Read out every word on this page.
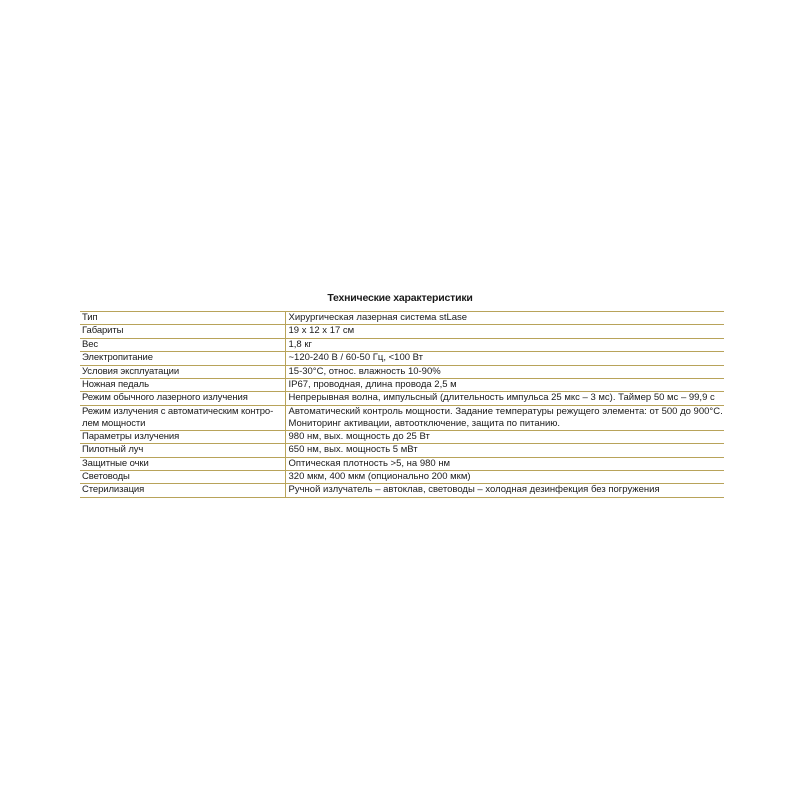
Технические характеристики
Тип	Хирургическая лазерная система stLase
Габариты	19 x 12 x 17 см
Вес	1,8 кг
Электропитание	~120-240 В / 60-50 Гц, <100 Вт
Условия эксплуатации	15-30°С, относ. влажность 10-90%
Ножная педаль	IP67, проводная, длина провода 2,5 м
Режим обычного лазерного излучения	Непрерывная волна, импульсный (длительность импульса 25 мкс – 3 мс). Таймер 50 мс – 99,9 с

Режим излучения с автоматическим контро-
лем мощности	Автоматический контроль мощности. Задание температуры режущего элемента: от 500 до 900°С.
Мониторинг активации, автоотключение, защита по питанию.

Параметры излучения	980 нм, вых. мощность до 25 Вт
Пилотный луч	650 нм, вых. мощность 5 мВт
Защитные очки	Оптическая плотность >5, на 980 нм
Световоды	320 мкм, 400 мкм (опционально 200 мкм)
Стерилизация	Ручной излучатель – автоклав, световоды – холодная дезинфекция без погружения
